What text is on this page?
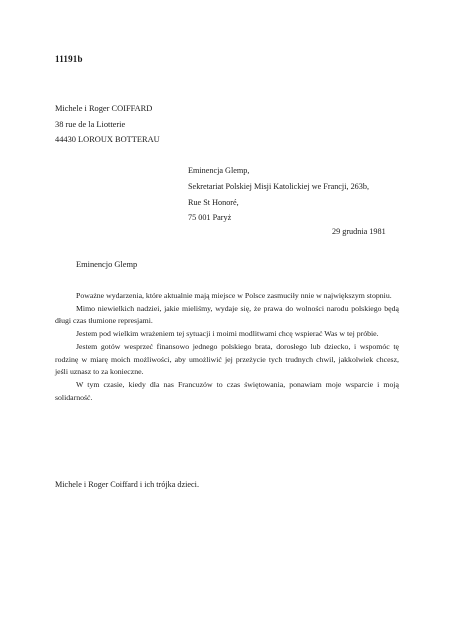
11191b
Michele i Roger COIFFARD
38 rue de la Liotterie
44430 LOROUX BOTTERAU
Eminencja Glemp,
Sekretariat Polskiej Misji Katolickiej we Francji, 263b,
Rue St Honoré,
75 001 Paryż
29 grudnia 1981
Eminencjo Glemp

Poważne wydarzenia, które aktualnie mają miejsce w Polsce zasmuciły nnie w największym stopniu.

Mimo niewielkich nadziei, jakie mieliśmy, wydaje się, że prawa do wolności narodu polskiego będą długi czas tłumione represjami.

Jestem pod wielkim wrażeniem tej sytuacji i moimi modlitwami chcę wspierać Was w tej próbie.

Jestem gotów wesprzeć finansowo jednego polskiego brata, dorosłego lub dziecko, i wspomóc tę rodzinę w miarę moich możliwości, aby umożliwić jej przeżycie tych trudnych chwil, jakkolwiek chcesz, jeśli uznasz to za konieczne.

W tym czasie, kiedy dla nas Francuzów to czas świętowania, ponawiam moje wsparcie i moją solidarność.

Michele i Roger Coiffard i ich trójka dzieci.
